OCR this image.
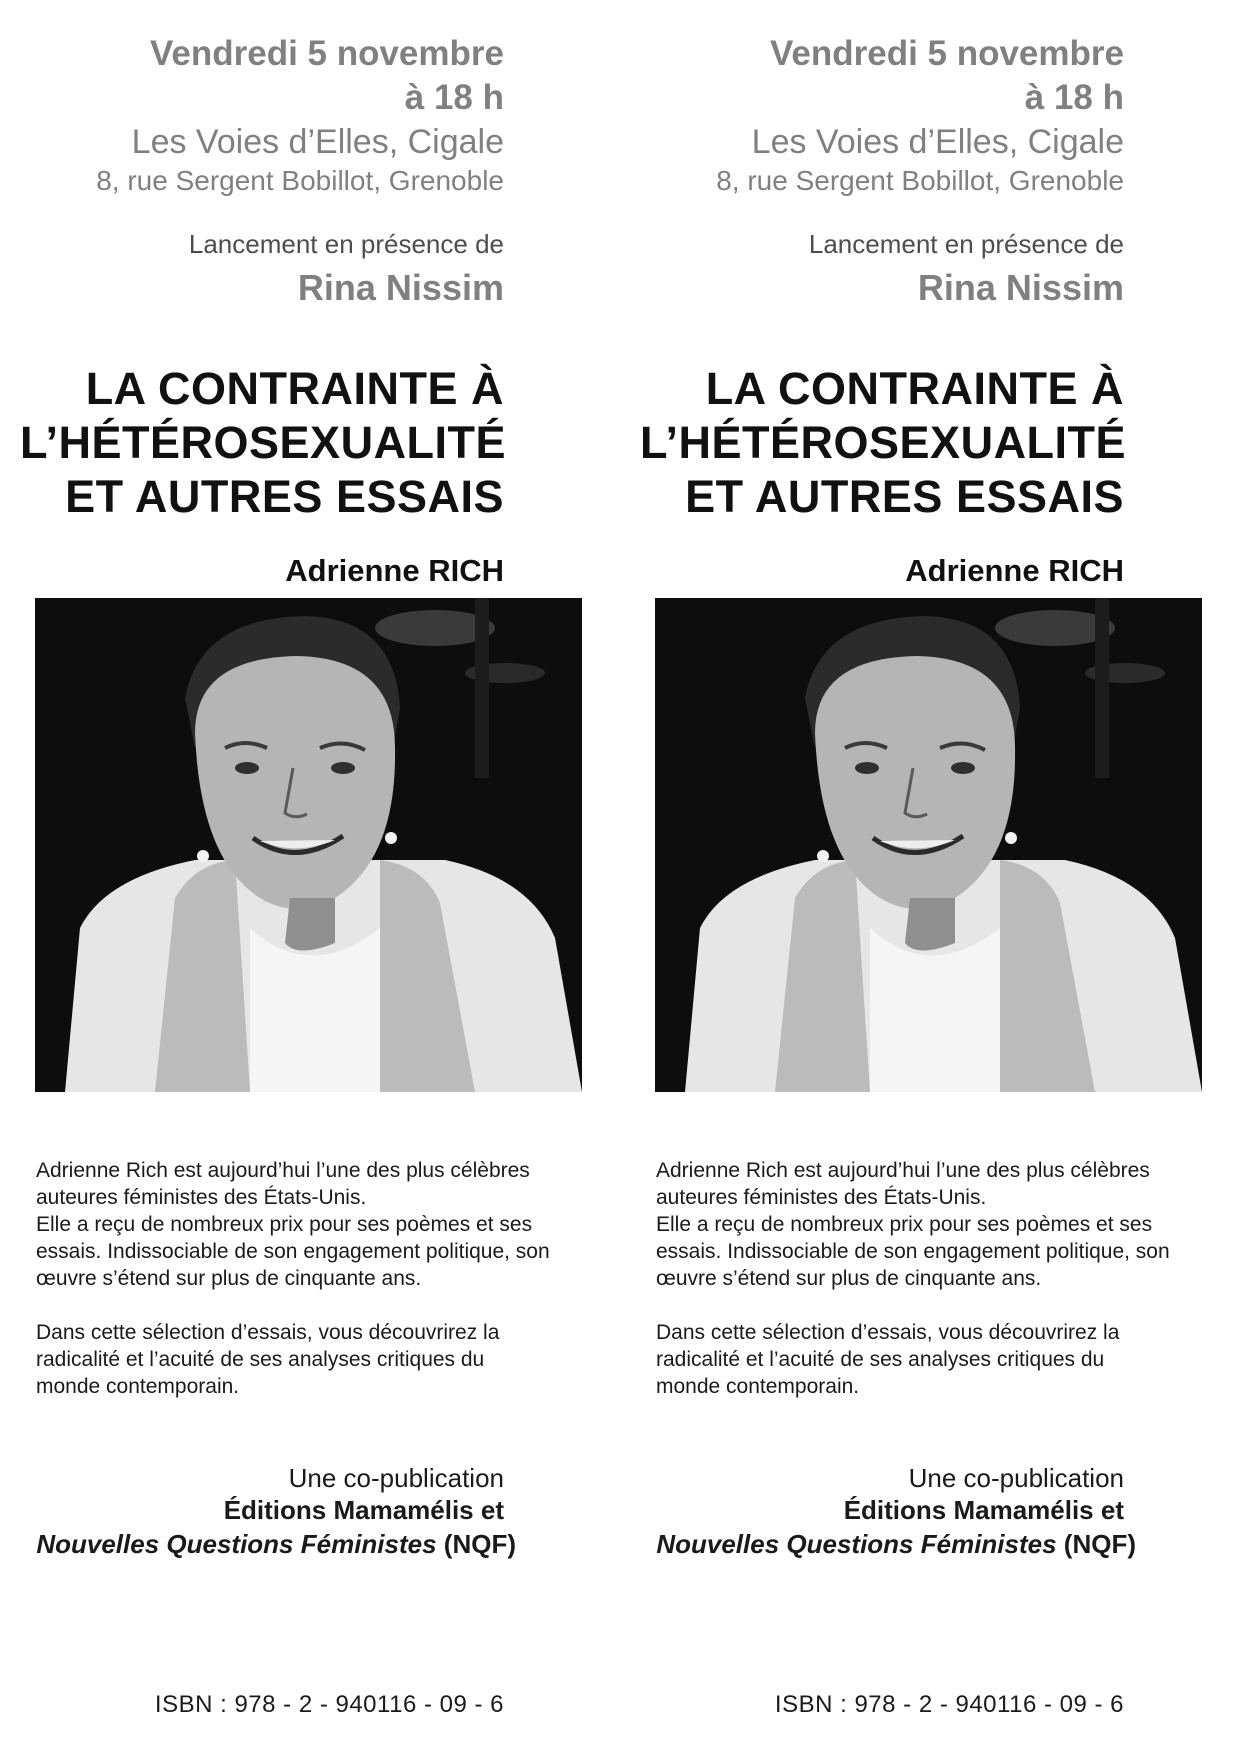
Vendredi 5 novembre
à 18 h
Les Voies d’Elles, Cigale
8, rue Sergent Bobillot, Grenoble
Lancement en présence de
Rina Nissim
LA CONTRAINTE À
L’HÉTÉROSEXUALITÉ
ET AUTRES ESSAIS
Adrienne RICH

Adrienne Rich est aujourd’hui l’une des plus célèbres
auteures féministes des États-Unis.
Elle a reçu de nombreux prix pour ses poèmes et ses
essais. Indissociable de son engagement politique, son
œuvre s’étend sur plus de cinquante ans.

Dans cette sélection d’essais, vous découvrirez la
radicalité et l’acuité de ses analyses critiques du
monde contemporain.

Une co-publication
Éditions Mamamélis et
Nouvelles Questions Féministes (NQF)
ISBN : 978 - 2 - 940116 - 09 - 6
Vendredi 5 novembre
à 18 h
Les Voies d’Elles, Cigale
8, rue Sergent Bobillot, Grenoble
Lancement en présence de
Rina Nissim
LA CONTRAINTE À
L’HÉTÉROSEXUALITÉ
ET AUTRES ESSAIS
Adrienne RICH

Adrienne Rich est aujourd’hui l’une des plus célèbres
auteures féministes des États-Unis.
Elle a reçu de nombreux prix pour ses poèmes et ses
essais. Indissociable de son engagement politique, son
œuvre s’étend sur plus de cinquante ans.

Dans cette sélection d’essais, vous découvrirez la
radicalité et l’acuité de ses analyses critiques du
monde contemporain.

Une co-publication
Éditions Mamamélis et
Nouvelles Questions Féministes (NQF)
ISBN : 978 - 2 - 940116 - 09 - 6
